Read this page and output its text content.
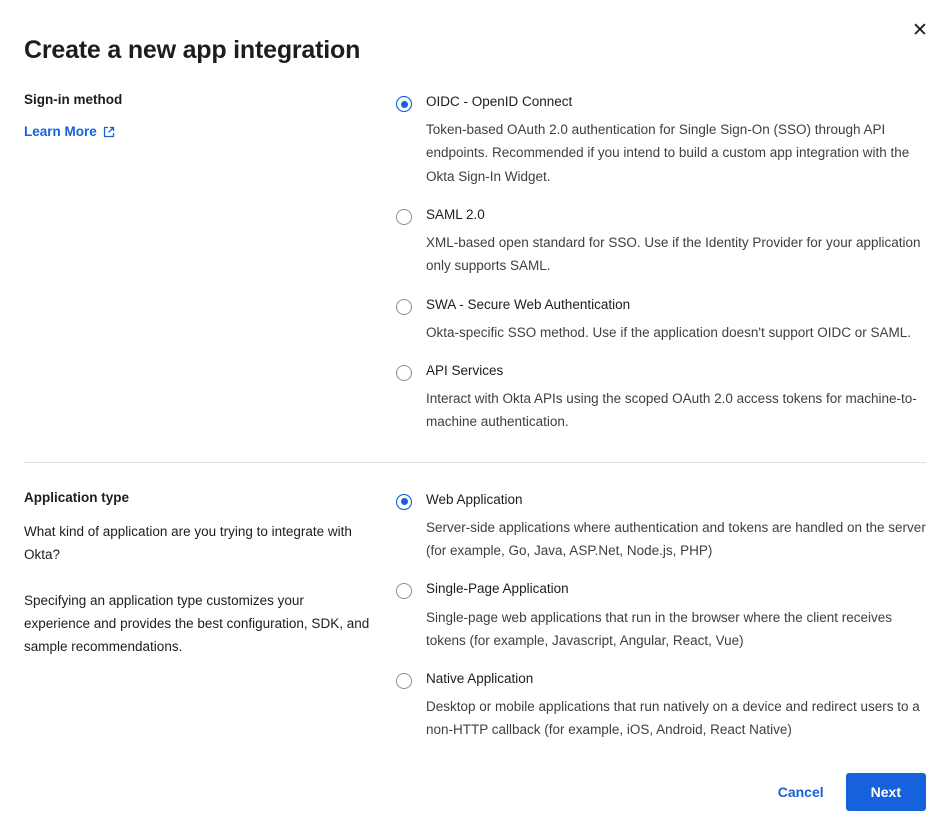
✕
Create a new app integration
Sign-in method
Learn More
OIDC - OpenID Connect
Token-based OAuth 2.0 authentication for Single Sign-On (SSO) through API endpoints. Recommended if you intend to build a custom app integration with the Okta Sign-In Widget.
SAML 2.0
XML-based open standard for SSO. Use if the Identity Provider for your application only supports SAML.
SWA - Secure Web Authentication
Okta-specific SSO method. Use if the application doesn't support OIDC or SAML.
API Services
Interact with Okta APIs using the scoped OAuth 2.0 access tokens for machine-to-machine authentication.
Application type

What kind of application are you trying to integrate with Okta?

Specifying an application type customizes your experience and provides the best configuration, SDK, and sample recommendations.

Web Application
Server-side applications where authentication and tokens are handled on the server (for example, Go, Java, ASP.Net, Node.js, PHP)
Single-Page Application
Single-page web applications that run in the browser where the client receives tokens (for example, Javascript, Angular, React, Vue)
Native Application
Desktop or mobile applications that run natively on a device and redirect users to a non-HTTP callback (for example, iOS, Android, React Native)
Cancel	Next
